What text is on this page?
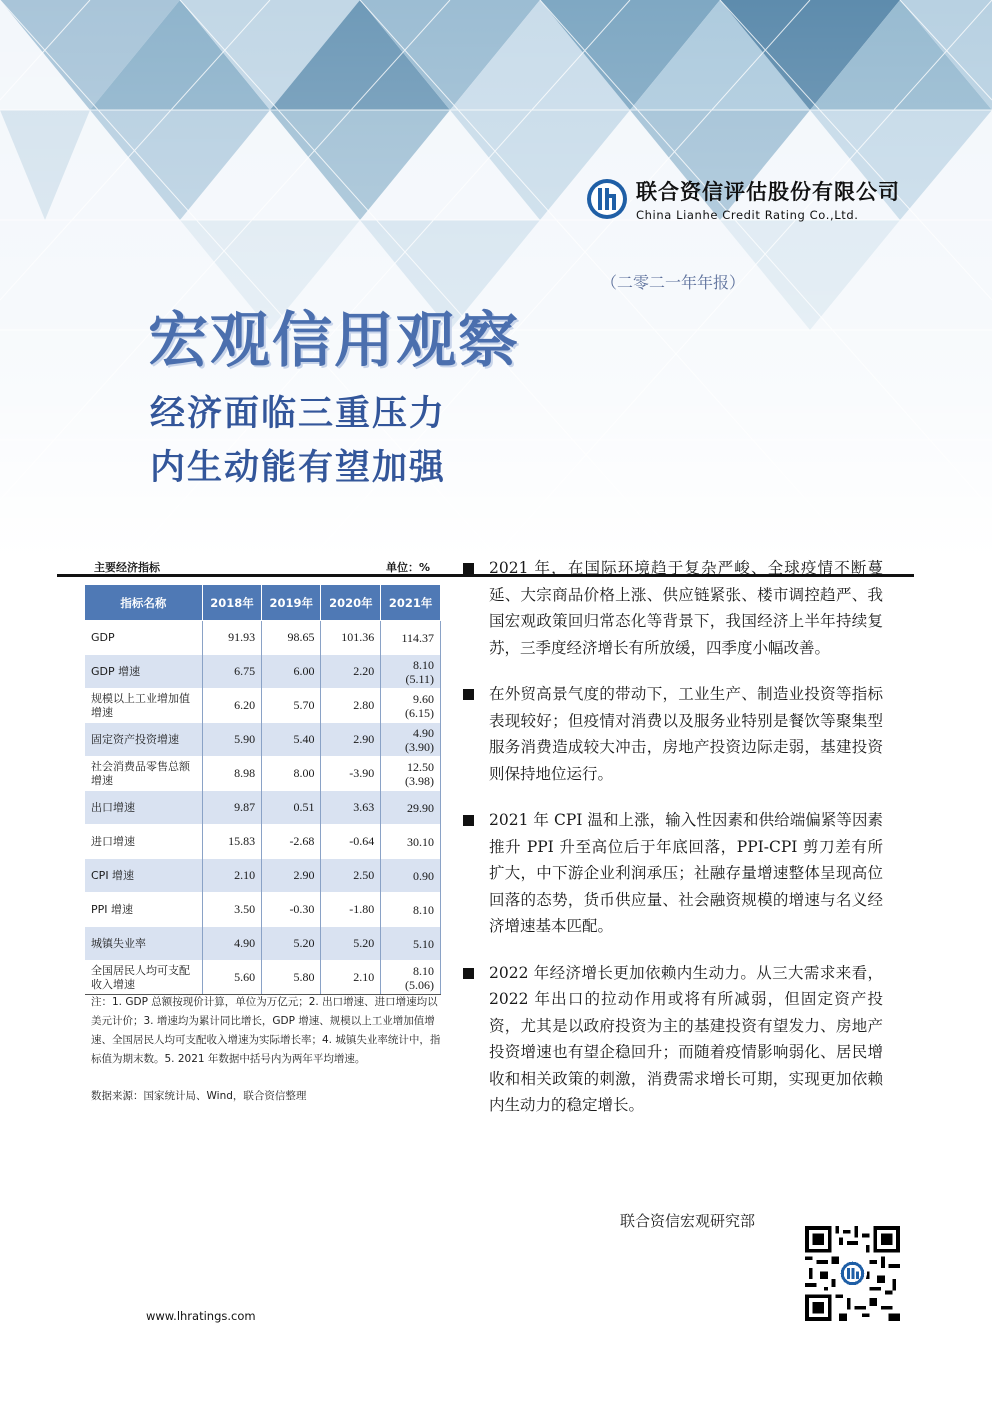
联合资信评估股份有限公司
China Lianhe Credit Rating Co.,Ltd.
（二零二一年年报）
宏观信用观察
经济面临三重压力
内生动能有望加强
主要经济指标	单位：%
指标名称	2018年	2019年	2020年	2021年
GDP	91.93	98.65	101.36	114.37

GDP 增速	6.75	6.00	2.20	8.10
(5.11)

规模以上工业增加值增速	6.20	5.70	2.80	9.60
(6.15)

固定资产投资增速	5.90	5.40	2.90	4.90
(3.90)

社会消费品零售总额增速	8.98	8.00	-3.90	12.50
(3.98)

出口增速	9.87	0.51	3.63	29.90

进口增速	15.83	-2.68	-0.64	30.10

CPI 增速	2.10	2.90	2.50	0.90

PPI 增速	3.50	-0.30	-1.80	8.10

城镇失业率	4.90	5.20	5.20	5.10

全国居民人均可支配收入增速	5.60	5.80	2.10	8.10
(5.06)
注：1. GDP 总额按现价计算，单位为万亿元；2. 出口增速、进口增速均以美元计价；3. 增速均为累计同比增长，GDP 增速、规模以上工业增加值增速、全国居民人均可支配收入增速为实际增长率；4. 城镇失业率统计中，指标值为期末数。5. 2021 年数据中括号内为两年平均增速。
数据来源：国家统计局、Wind，联合资信整理
2021 年，在国际环境趋于复杂严峻、全球疫情不断蔓延、大宗商品价格上涨、供应链紧张、楼市调控趋严、我国宏观政策回归常态化等背景下，我国经济上半年持续复苏，三季度经济增长有所放缓，四季度小幅改善。
在外贸高景气度的带动下，工业生产、制造业投资等指标表现较好；但疫情对消费以及服务业特别是餐饮等聚集型服务消费造成较大冲击，房地产投资边际走弱，基建投资则保持地位运行。
2021 年 CPI 温和上涨，输入性因素和供给端偏紧等因素推升 PPI 升至高位后于年底回落，PPI-CPI 剪刀差有所扩大，中下游企业利润承压；社融存量增速整体呈现高位回落的态势，货币供应量、社会融资规模的增速与名义经济增速基本匹配。
2022 年经济增长更加依赖内生动力。从三大需求来看，2022 年出口的拉动作用或将有所减弱，但固定资产投资，尤其是以政府投资为主的基建投资有望发力、房地产投资增速也有望企稳回升；而随着疫情影响弱化、居民增收和相关政策的刺激，消费需求增长可期，实现更加依赖内生动力的稳定增长。
联合资信宏观研究部
www.lhratings.com
